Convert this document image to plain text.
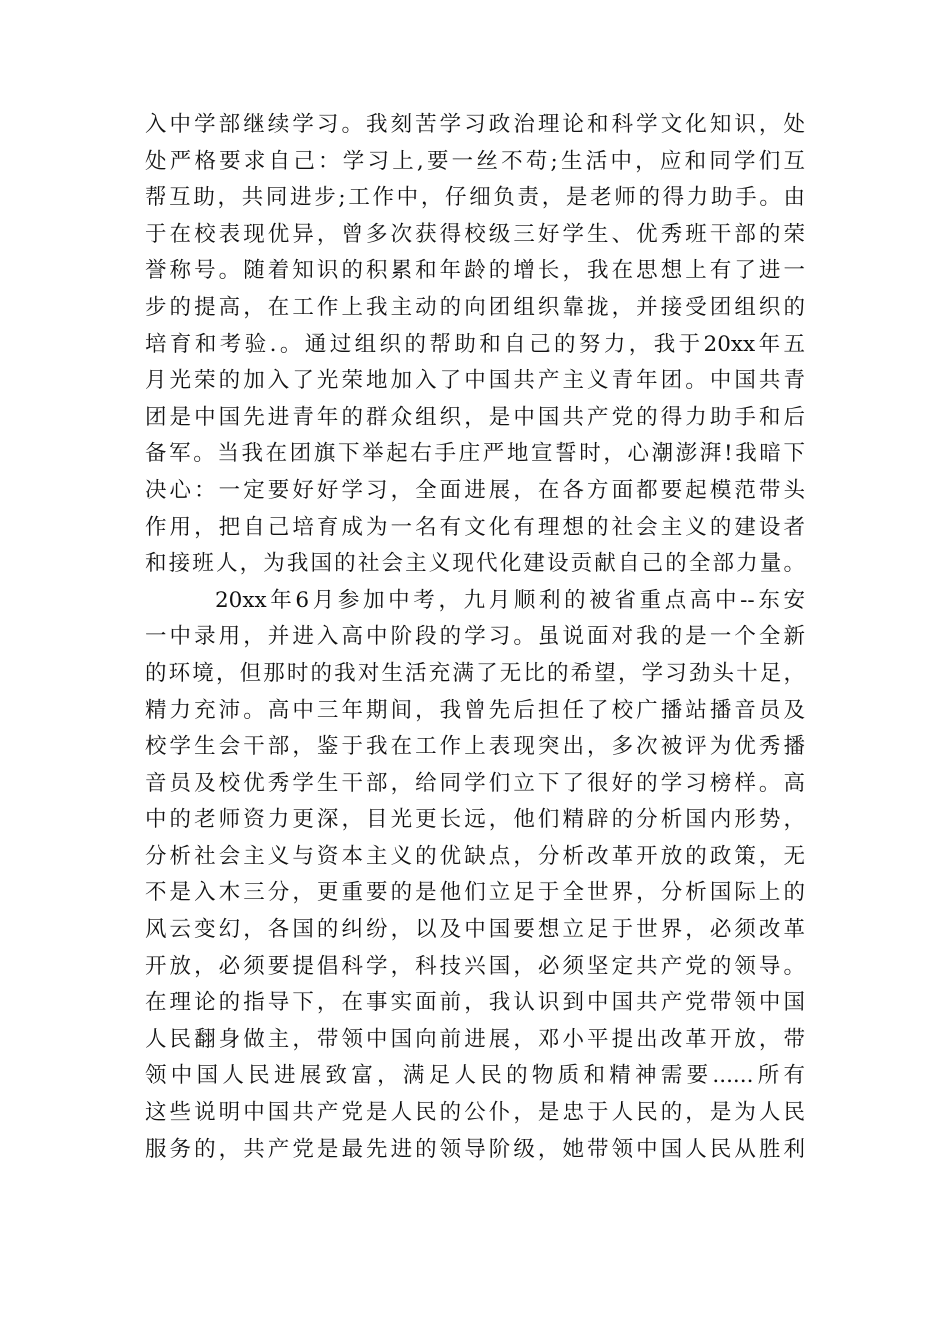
入中学部继续学习。我刻苦学习政治理论和科学文化知识，处
处严格要求自己：学习上,要一丝不苟;生活中，应和同学们互
帮互助，共同进步;工作中，仔细负责，是老师的得力助手。由
于在校表现优异，曾多次获得校级三好学生、优秀班干部的荣
誉称号。随着知识的积累和年龄的增长，我在思想上有了进一
步的提高，在工作上我主动的向团组织靠拢，并接受团组织的
培育和考验.。通过组织的帮助和自己的努力，我于20xx年五
月光荣的加入了光荣地加入了中国共产主义青年团。中国共青
团是中国先进青年的群众组织，是中国共产党的得力助手和后
备军。当我在团旗下举起右手庄严地宣誓时，心潮澎湃!我暗下
决心：一定要好好学习，全面进展，在各方面都要起模范带头
作用，把自己培育成为一名有文化有理想的社会主义的建设者
和接班人，为我国的社会主义现代化建设贡献自己的全部力量。
20xx年6月参加中考，九月顺利的被省重点高中--东安
一中录用，并进入高中阶段的学习。虽说面对我的是一个全新
的环境，但那时的我对生活充满了无比的希望，学习劲头十足，
精力充沛。高中三年期间，我曾先后担任了校广播站播音员及
校学生会干部，鉴于我在工作上表现突出，多次被评为优秀播
音员及校优秀学生干部，给同学们立下了很好的学习榜样。高
中的老师资力更深，目光更长远，他们精辟的分析国内形势，
分析社会主义与资本主义的优缺点，分析改革开放的政策，无
不是入木三分，更重要的是他们立足于全世界，分析国际上的
风云变幻，各国的纠纷，以及中国要想立足于世界，必须改革
开放，必须要提倡科学，科技兴国，必须坚定共产党的领导。
在理论的指导下，在事实面前，我认识到中国共产党带领中国
人民翻身做主，带领中国向前进展，邓小平提出改革开放，带
领中国人民进展致富，满足人民的物质和精神需要......所有
这些说明中国共产党是人民的公仆，是忠于人民的，是为人民
服务的，共产党是最先进的领导阶级，她带领中国人民从胜利
